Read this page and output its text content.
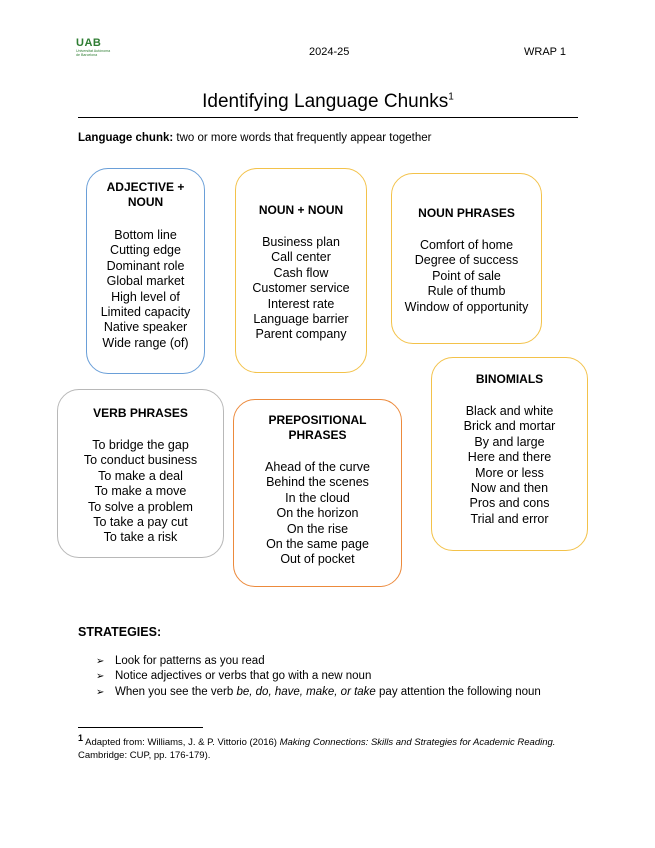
UAB
Universitat Autònoma
de Barcelona	2024-25	WRAP 1
Identifying Language Chunks$^1$
Language chunk: two or more words that frequently appear together
ADJECTIVE + NOUN
Bottom line
Cutting edge
Dominant role
Global market
High level of Limited capacity
Native speaker
Wide range (of)
NOUN + NOUN
Business plan
Call center
Cash flow
Customer service
Interest rate
Language barrier
Parent company
NOUN PHRASES
Comfort of home
Degree of success
Point of sale
Rule of thumb
Window of opportunity
VERB PHRASES
To bridge the gap
To conduct business
To make a deal
To make a move
To solve a problem
To take a pay cut
To take a risk
PREPOSITIONAL PHRASES
Ahead of the curve
Behind the scenes
In the cloud
On the horizon
On the rise
On the same page
Out of pocket
BINOMIALS
Black and white
Brick and mortar
By and large
Here and there
More or less
Now and then
Pros and cons
Trial and error
STRATEGIES:
➢ Look for patterns as you read
➢ Notice adjectives or verbs that go with a new noun
➢ When you see the verb be, do, have, make, or take pay attention the following noun
$^1$ Adapted from: Williams, J. & P. Vittorio (2016) Making Connections: Skills and Strategies for Academic Reading. Cambridge: CUP, pp. 176-179).
